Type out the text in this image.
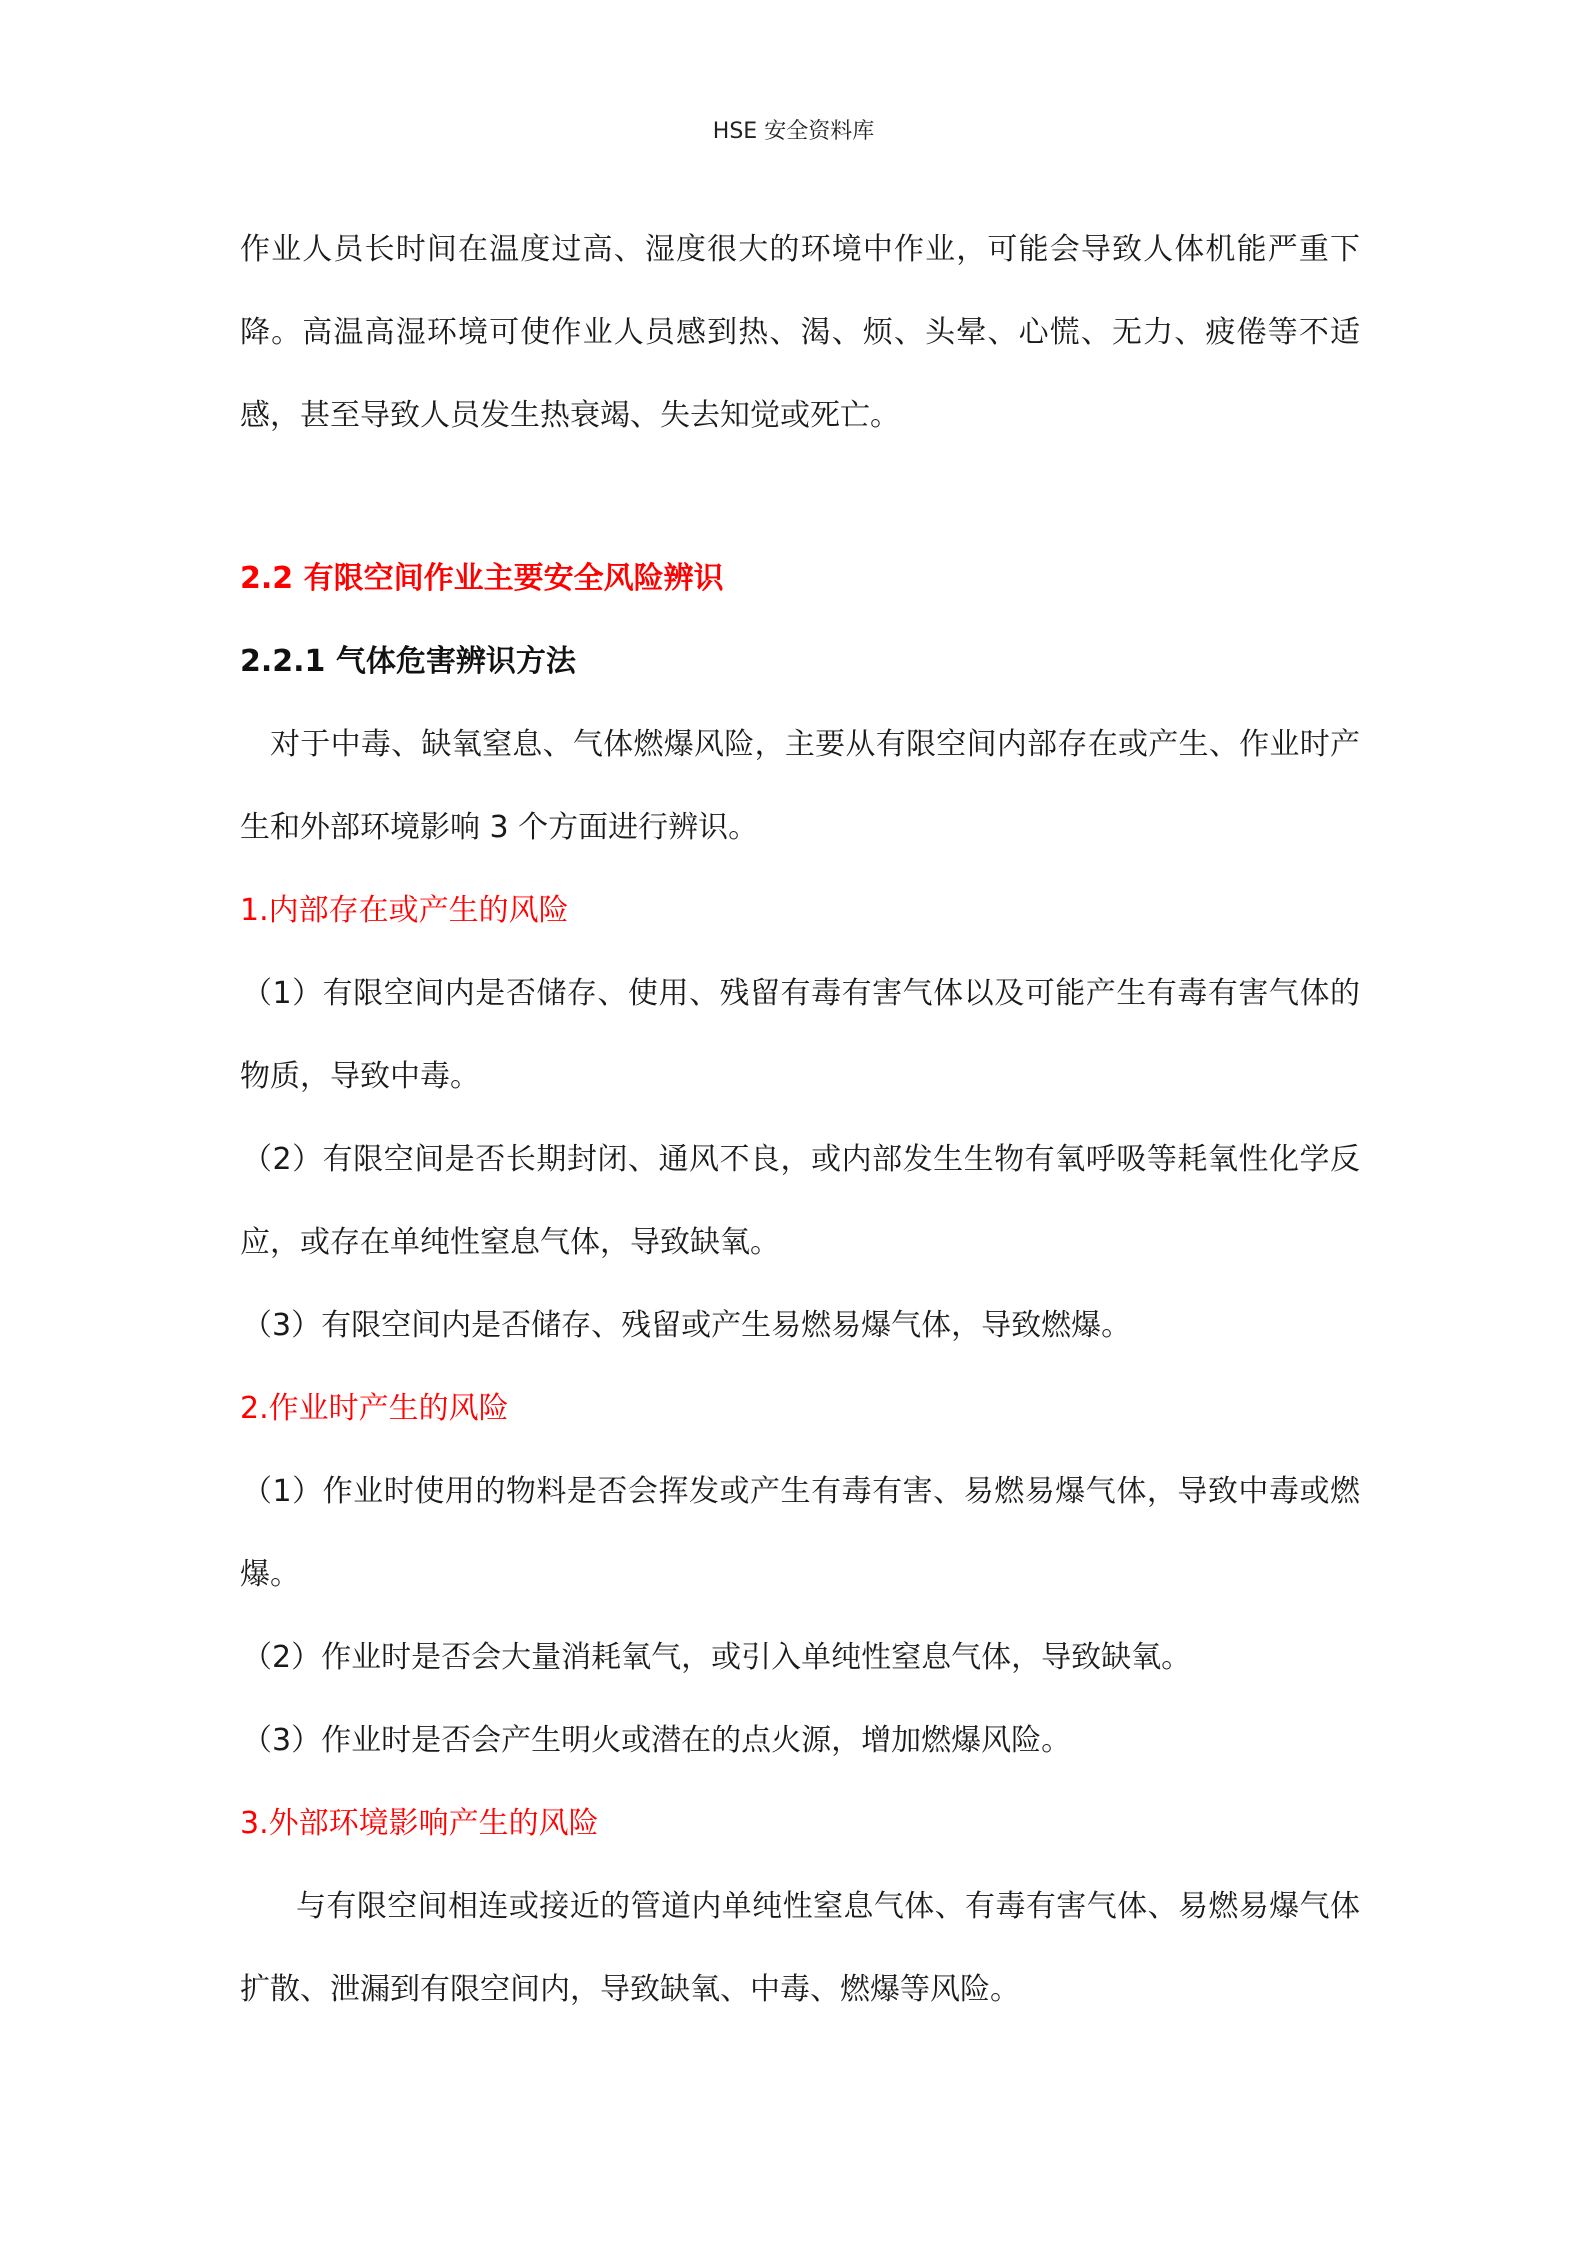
HSE 安全资料库

作业人员长时间在温度过高、湿度很大的环境中作业，可能会导致人体机能严重下降。高温高湿环境可使作业人员感到热、渴、烦、头晕、心慌、无力、疲倦等不适感，甚至导致人员发生热衰竭、失去知觉或死亡。

2.2 有限空间作业主要安全风险辨识

2.2.1 气体危害辨识方法

对于中毒、缺氧窒息、气体燃爆风险，主要从有限空间内部存在或产生、作业时产生和外部环境影响 3 个方面进行辨识。

1.内部存在或产生的风险

（1）有限空间内是否储存、使用、残留有毒有害气体以及可能产生有毒有害气体的物质，导致中毒。

（2）有限空间是否长期封闭、通风不良，或内部发生生物有氧呼吸等耗氧性化学反应，或存在单纯性窒息气体，导致缺氧。

（3）有限空间内是否储存、残留或产生易燃易爆气体，导致燃爆。

2.作业时产生的风险

（1）作业时使用的物料是否会挥发或产生有毒有害、易燃易爆气体，导致中毒或燃爆。

（2）作业时是否会大量消耗氧气，或引入单纯性窒息气体，导致缺氧。

（3）作业时是否会产生明火或潜在的点火源，增加燃爆风险。

3.外部环境影响产生的风险

与有限空间相连或接近的管道内单纯性窒息气体、有毒有害气体、易燃易爆气体扩散、泄漏到有限空间内，导致缺氧、中毒、燃爆等风险。
